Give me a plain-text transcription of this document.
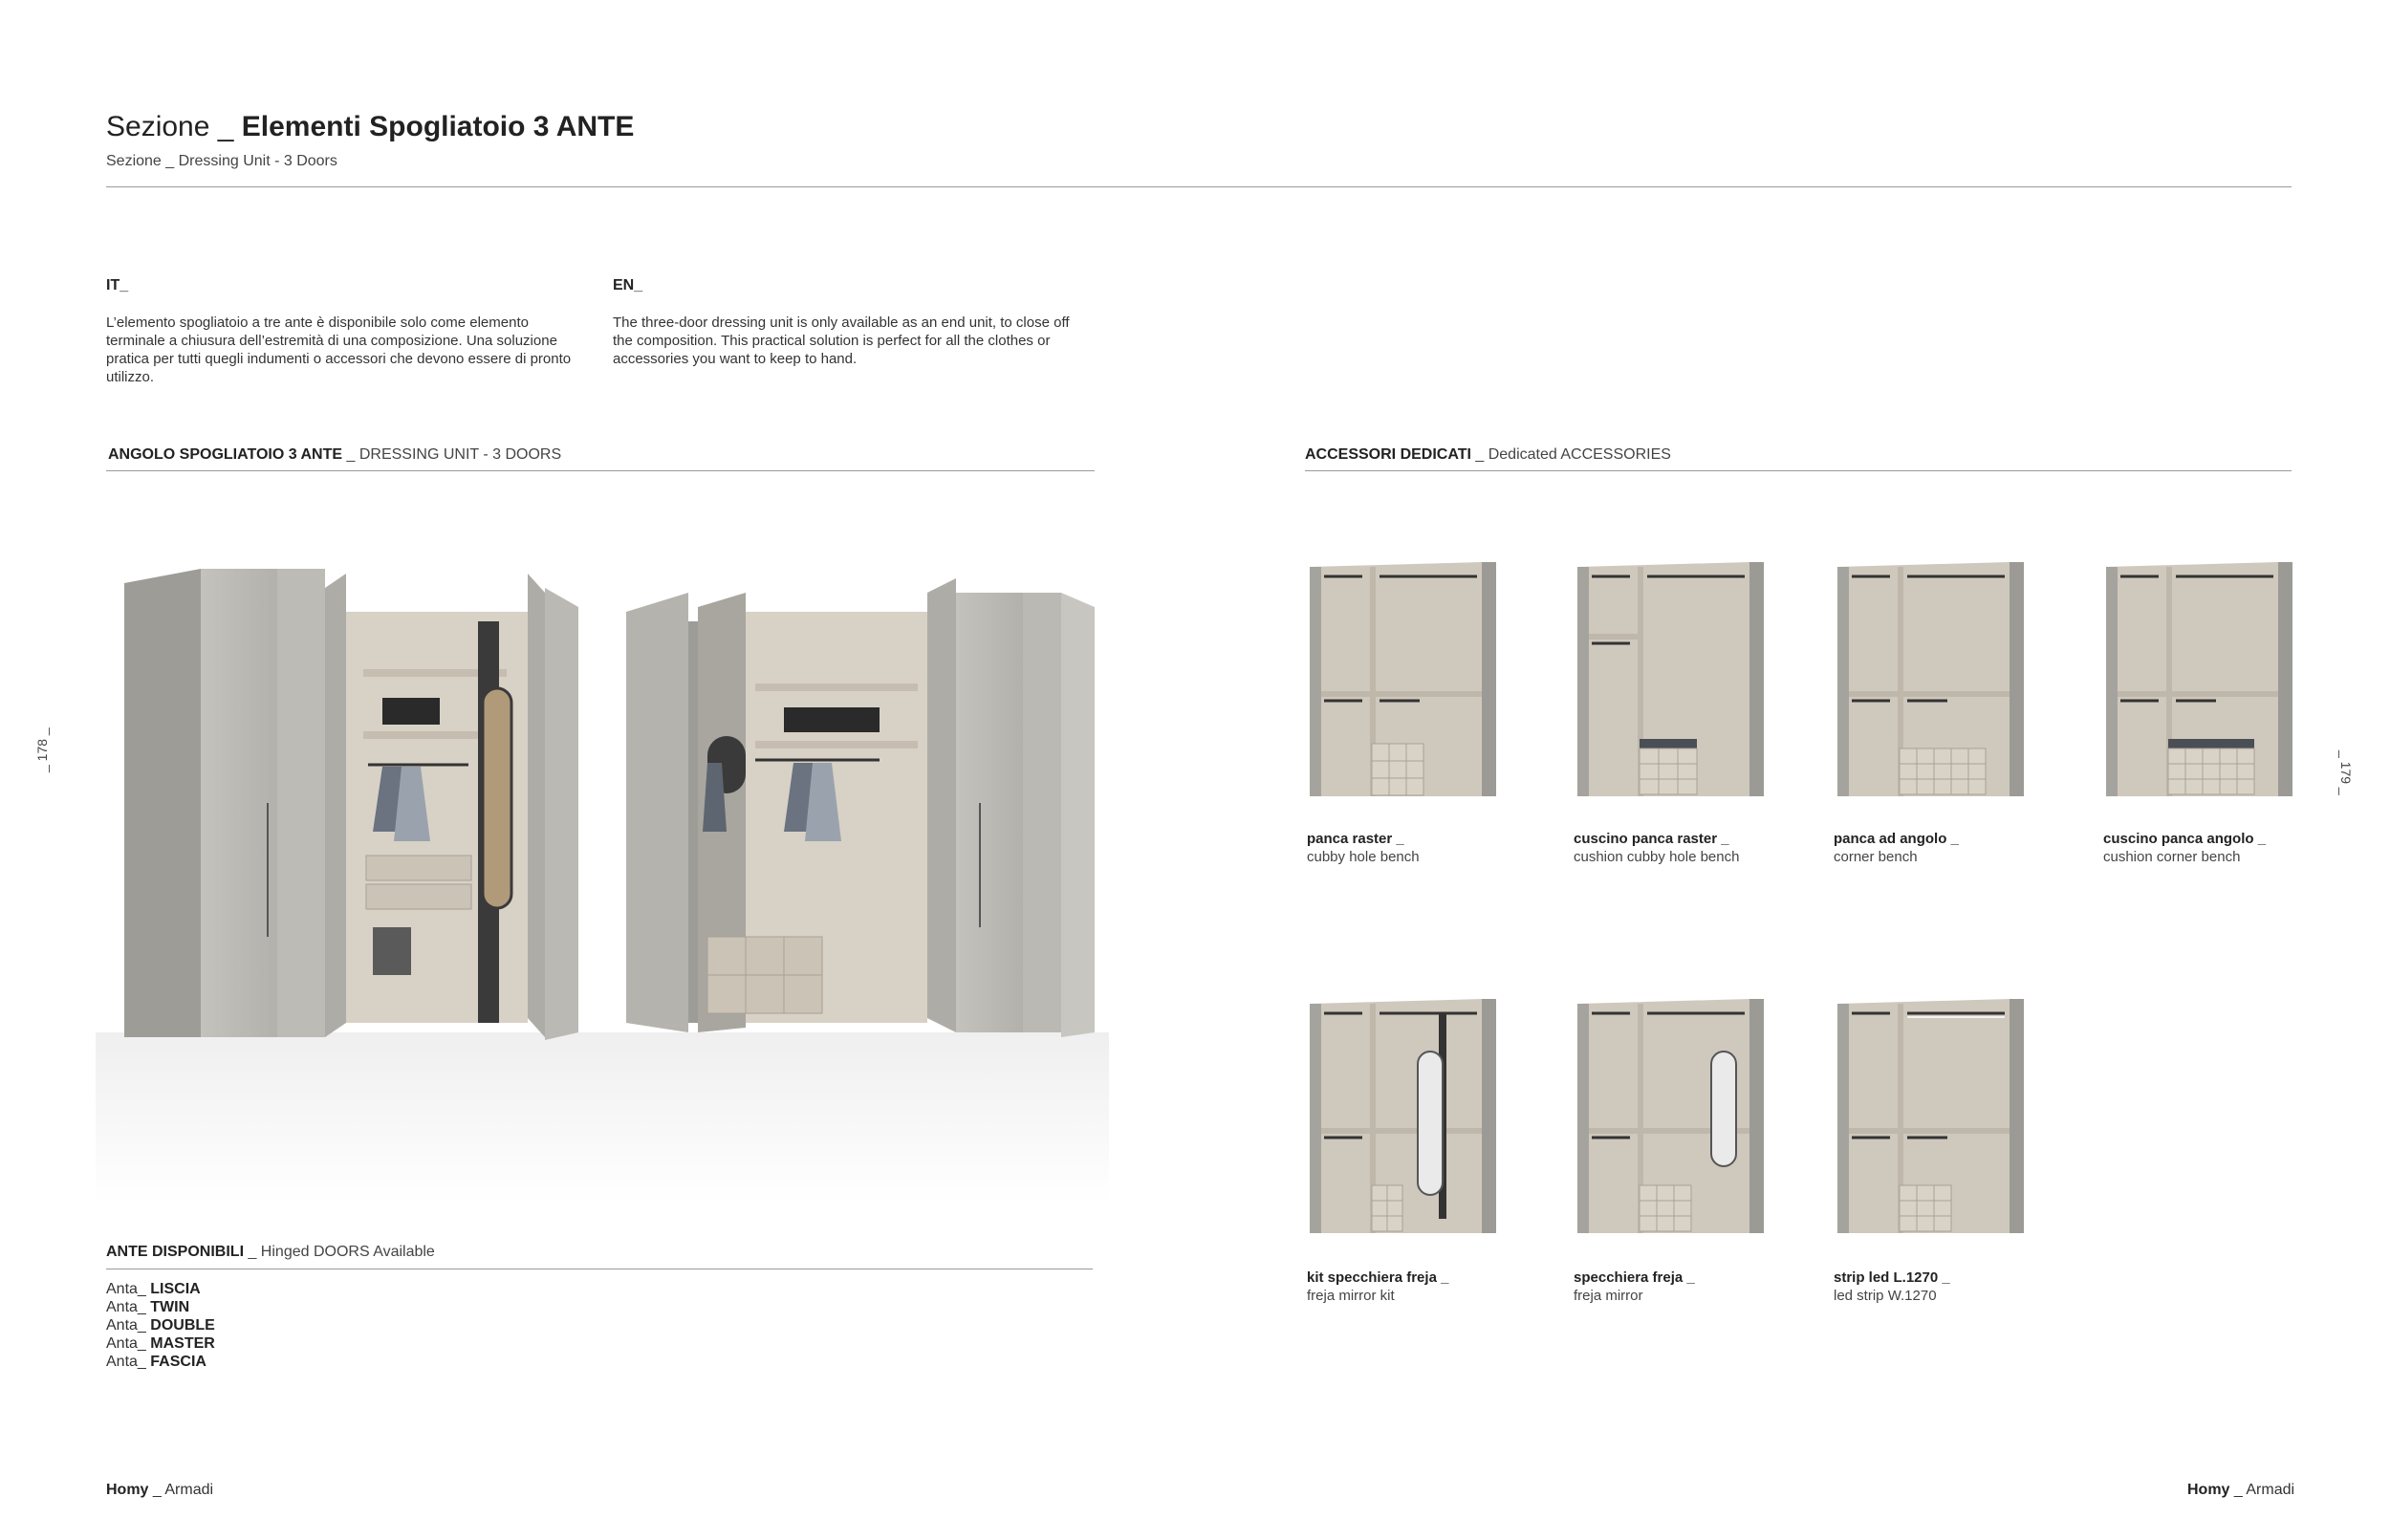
Sezione _ Elementi Spogliatoio 3 ANTE
Sezione _ Dressing Unit - 3 Doors
IT_
L’elemento spogliatoio a tre ante è disponibile solo come elemento
terminale a chiusura dell’estremità di una composizione. Una soluzione
pratica per tutti quegli indumenti o accessori che devono essere di pronto
utilizzo.
EN_
The three-door dressing unit is only available as an end unit, to close off
the composition. This practical solution is perfect for all the clothes or
accessories you want to keep to hand.
ANGOLO SPOGLIATOIO 3 ANTE _ DRESSING UNIT - 3 DOORS	ACCESSORI DEDICATI _ Dedicated ACCESSORIES
panca raster _
cubby hole bench
cuscino panca raster _
cushion cubby hole bench
panca ad angolo _
corner bench
cuscino panca angolo _
cushion corner bench
kit specchiera freja _
freja mirror kit
specchiera freja _
freja mirror
strip led L.1270 _
led strip W.1270
ANTE DISPONIBILI _ Hinged DOORS Available
Anta_ LISCIA
Anta_ TWIN
Anta_ DOUBLE
Anta_ MASTER
Anta_ FASCIA
_ 178 _
_ 179 _
Homy _ Armadi	Homy _ Armadi
